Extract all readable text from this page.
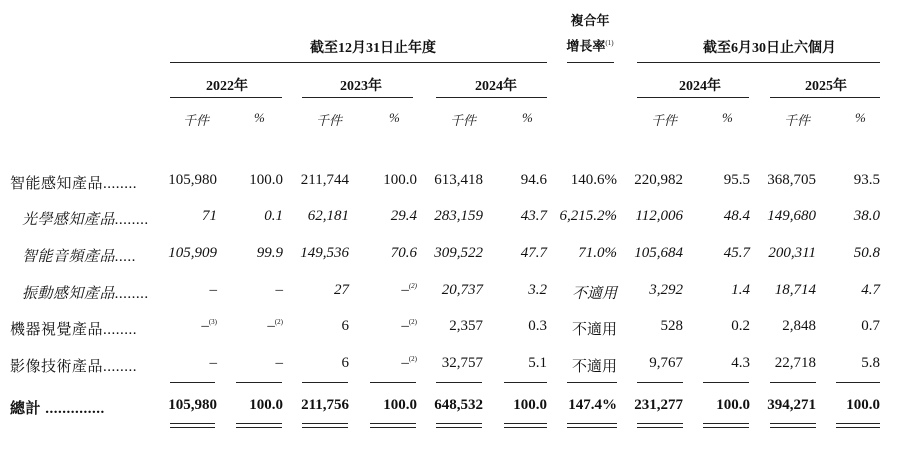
截至12月31日止年度
複合年
增長率$^{(1)}$	截至6月30日止六個月
2022年	2023年	2024年	2024年	2025年
千件	%	千件	%	千件	%	千件	%	千件	%
智能感知產品........ 105,980 100.0 211,744 100.0 613,418	94.6 140.6% 220,982	95.5 368,705	93.5
光學感知產品........	71	0.1 62,181	29.4 283,159	43.7 6,215.2% 112,006	48.4 149,680	38.0
智能音頻產品..... 105,909	99.9 149,536	70.6 309,522	47.7 71.0% 105,684	45.7 200,311	50.8
振動感知產品........	–	–	27	–$^{(2)}$ 20,737	3.2 不適用 3,292	1.4 18,714	4.7
機器視覺產品........	–$^{(3)}$	–$^{(2)}$	6	–$^{(2)}$ 2,357	0.3 不適用	528	0.2 2,848	0.7
影像技術產品........	–	–	6	–$^{(2)}$ 32,757	5.1 不適用 9,767	4.3 22,718	5.8
總計 ..............	105,980 100.0 211,756 100.0 648,532 100.0 147.4% 231,277 100.0 394,271 100.0
